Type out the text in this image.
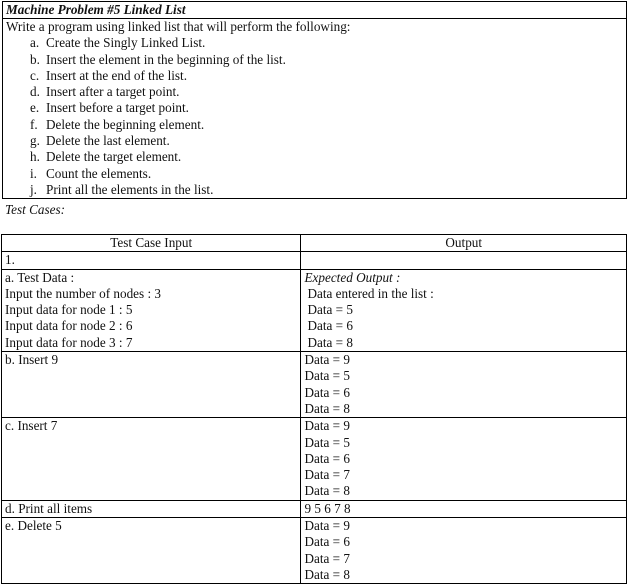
Machine Problem #5 Linked List

Write a program using linked list that will perform the following:

a. Create the Singly Linked List.
b. Insert the element in the beginning of the list.
c. Insert at the end of the list.
d. Insert after a target point.
e. Insert before a target point.
f. Delete the beginning element.
g. Delete the last element.
h. Delete the target element.
i. Count the elements.
j. Print all the elements in the list.
Test Cases:
Test Case Input	Output
1.	

a. Test Data :
Input the number of nodes : 3
Input data for node 1 : 5
Input data for node 2 : 6
Input data for node 3 : 7	Expected Output :
Data entered in the list :
Data = 5
Data = 6
Data = 8

b. Insert 9	Data = 9
Data = 5
Data = 6
Data = 8

c. Insert 7	Data = 9
Data = 5
Data = 6
Data = 7
Data = 8

d. Print all items	9 5 6 7 8

e. Delete 5	Data = 9
Data = 6
Data = 7
Data = 8
